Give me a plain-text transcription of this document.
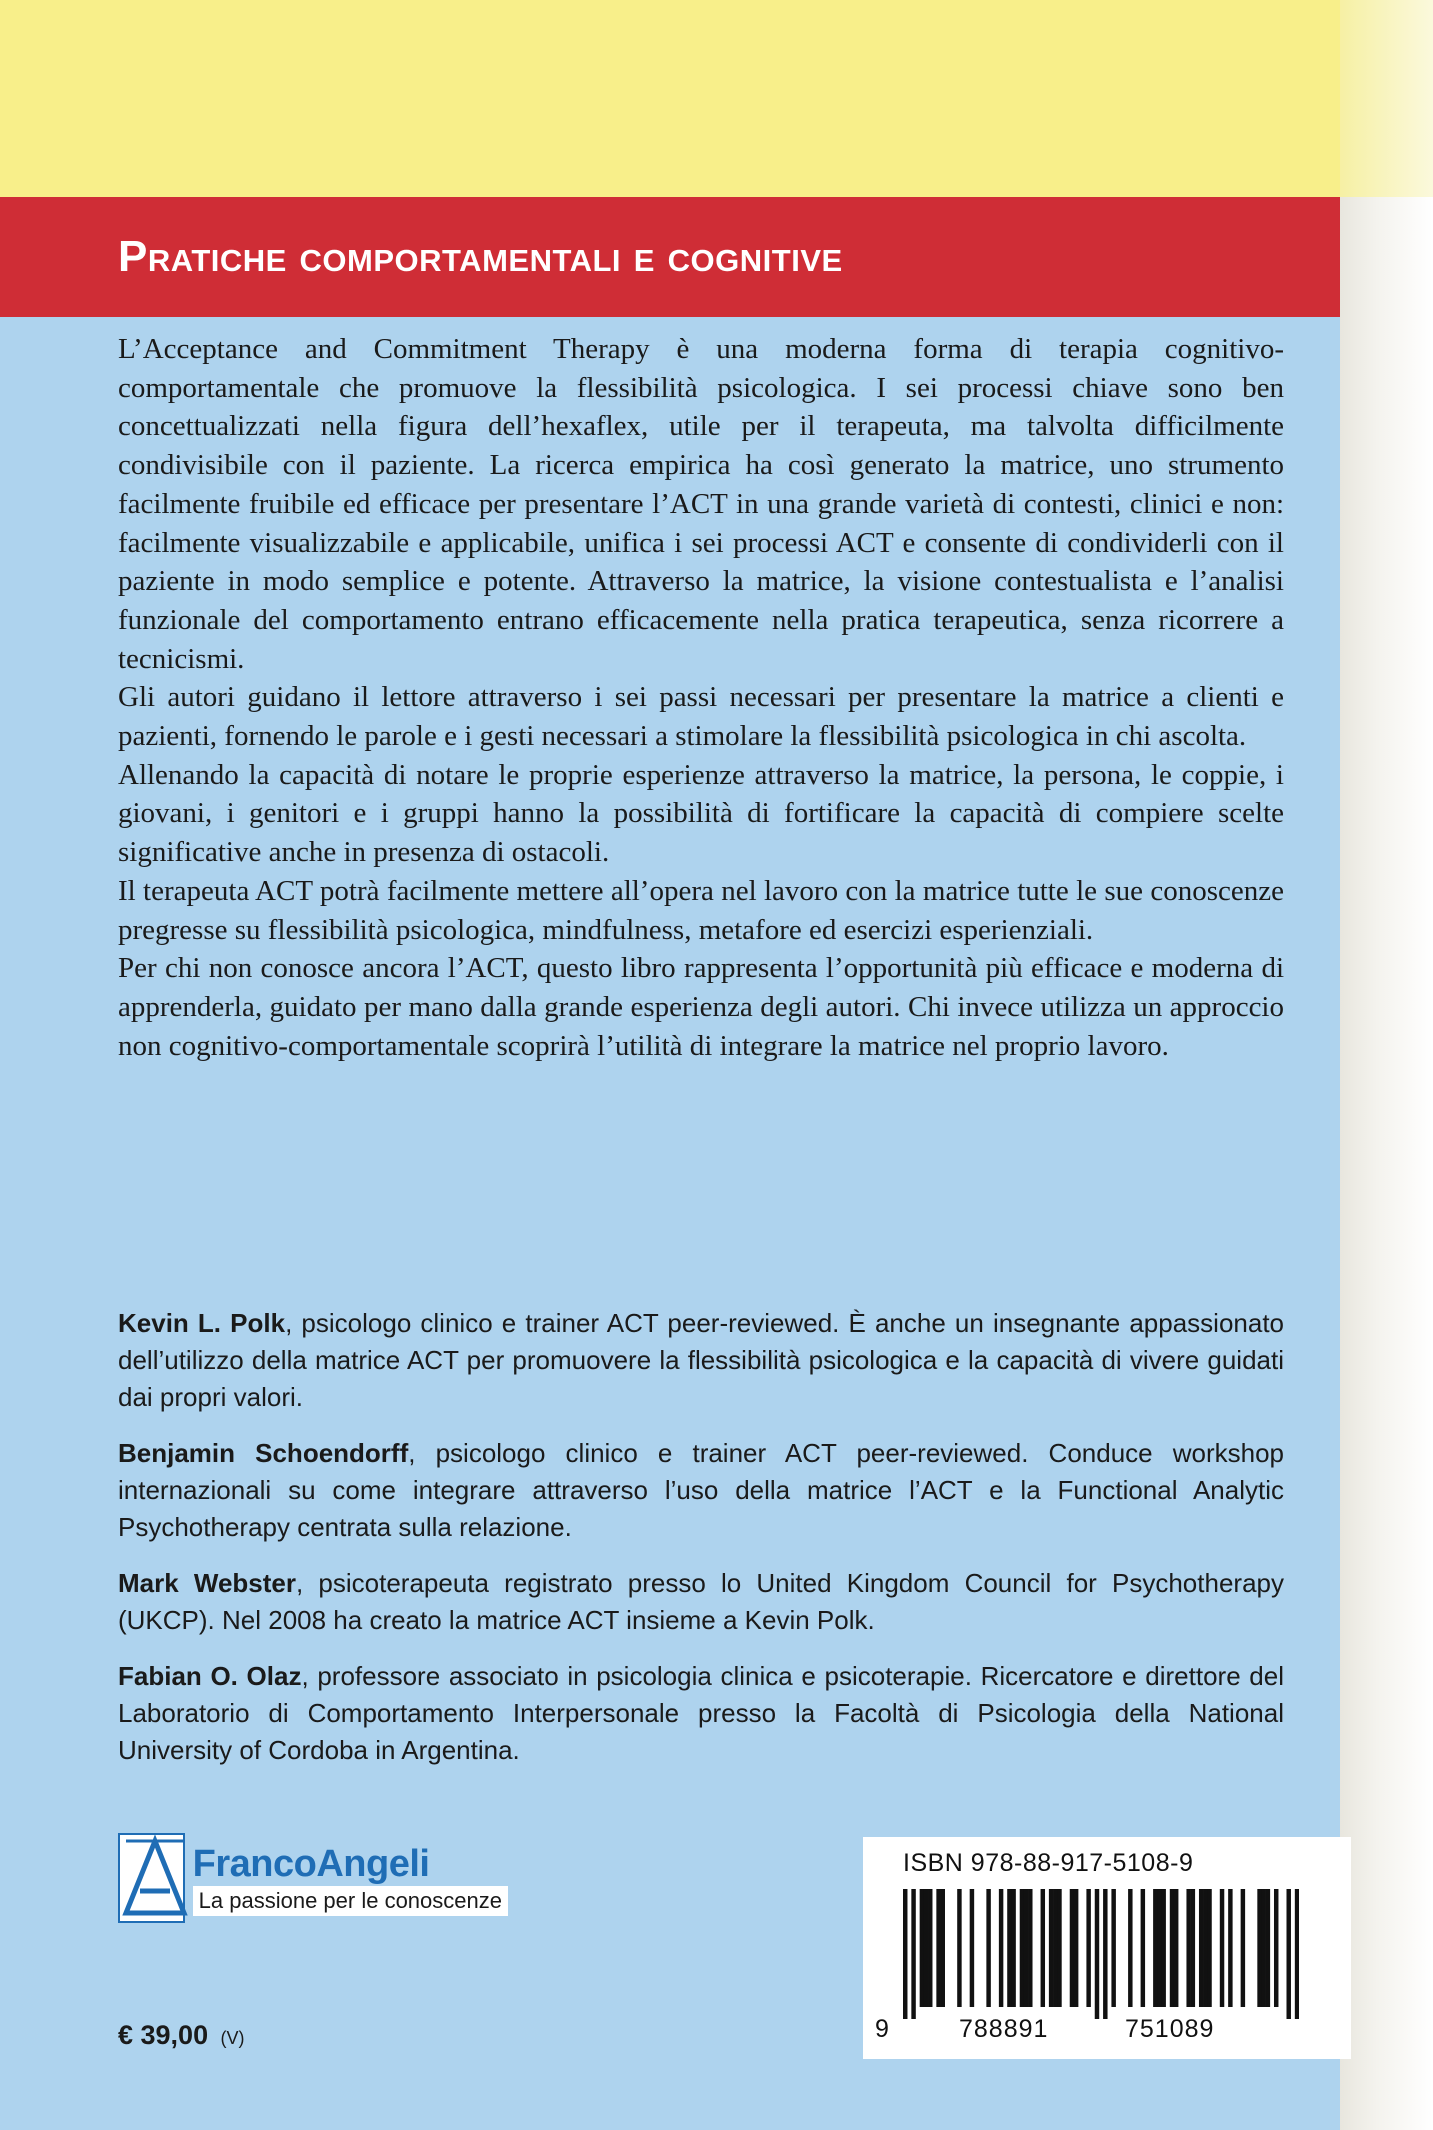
Pratiche comportamentali e cognitive

L’Acceptance and Commitment Therapy è una moderna forma di terapia cognitivo-comportamentale che promuove la flessibilità psicologica. I sei processi chiave sono ben concettualizzati nella figura dell’hexaflex, utile per il terapeuta, ma talvolta difficilmente condivisibile con il paziente. La ricerca empirica ha così generato la matrice, uno strumento facilmente fruibile ed efficace per presentare l’ACT in una grande varietà di contesti, clinici e non: facilmente visualizzabile e applicabile, unifica i sei processi ACT e consente di condividerli con il paziente in modo semplice e potente. Attraverso la matrice, la visione contestualista e l’analisi funzionale del comportamento entrano efficacemente nella pratica terapeutica, senza ricorrere a tecnicismi.

Gli autori guidano il lettore attraverso i sei passi necessari per presentare la matrice a clienti e pazienti, fornendo le parole e i gesti necessari a stimolare la flessibilità psicologica in chi ascolta.

Allenando la capacità di notare le proprie esperienze attraverso la matrice, la persona, le coppie, i giovani, i genitori e i gruppi hanno la possibilità di fortificare la capacità di compiere scelte significative anche in presenza di ostacoli.

Il terapeuta ACT potrà facilmente mettere all’opera nel lavoro con la matrice tutte le sue conoscenze pregresse su flessibilità psicologica, mindfulness, metafore ed esercizi esperienziali.

Per chi non conosce ancora l’ACT, questo libro rappresenta l’opportunità più efficace e moderna di apprenderla, guidato per mano dalla grande esperienza degli autori. Chi invece utilizza un approccio non cognitivo-comportamentale scoprirà l’utilità di integrare la matrice nel proprio lavoro.

Kevin L. Polk, psicologo clinico e trainer ACT peer-reviewed. È anche un insegnante appassionato dell’utilizzo della matrice ACT per promuovere la flessibilità psicologica e la capacità di vivere guidati dai propri valori.

Benjamin Schoendorff, psicologo clinico e trainer ACT peer-reviewed. Conduce workshop internazionali su come integrare attraverso l’uso della matrice l’ACT e la Functional Analytic Psychotherapy centrata sulla relazione.

Mark Webster, psicoterapeuta registrato presso lo United Kingdom Council for Psychotherapy (UKCP). Nel 2008 ha creato la matrice ACT insieme a Kevin Polk.

Fabian O. Olaz, professore associato in psicologia clinica e psicoterapie. Ricercatore e direttore del Laboratorio di Comportamento Interpersonale presso la Facoltà di Psicologia della National University of Cordoba in Argentina.

FrancoAngeli
La passione per le conoscenze
€ 39,00 (V)
ISBN 978-88-917-5108-9
9	788891	751089
